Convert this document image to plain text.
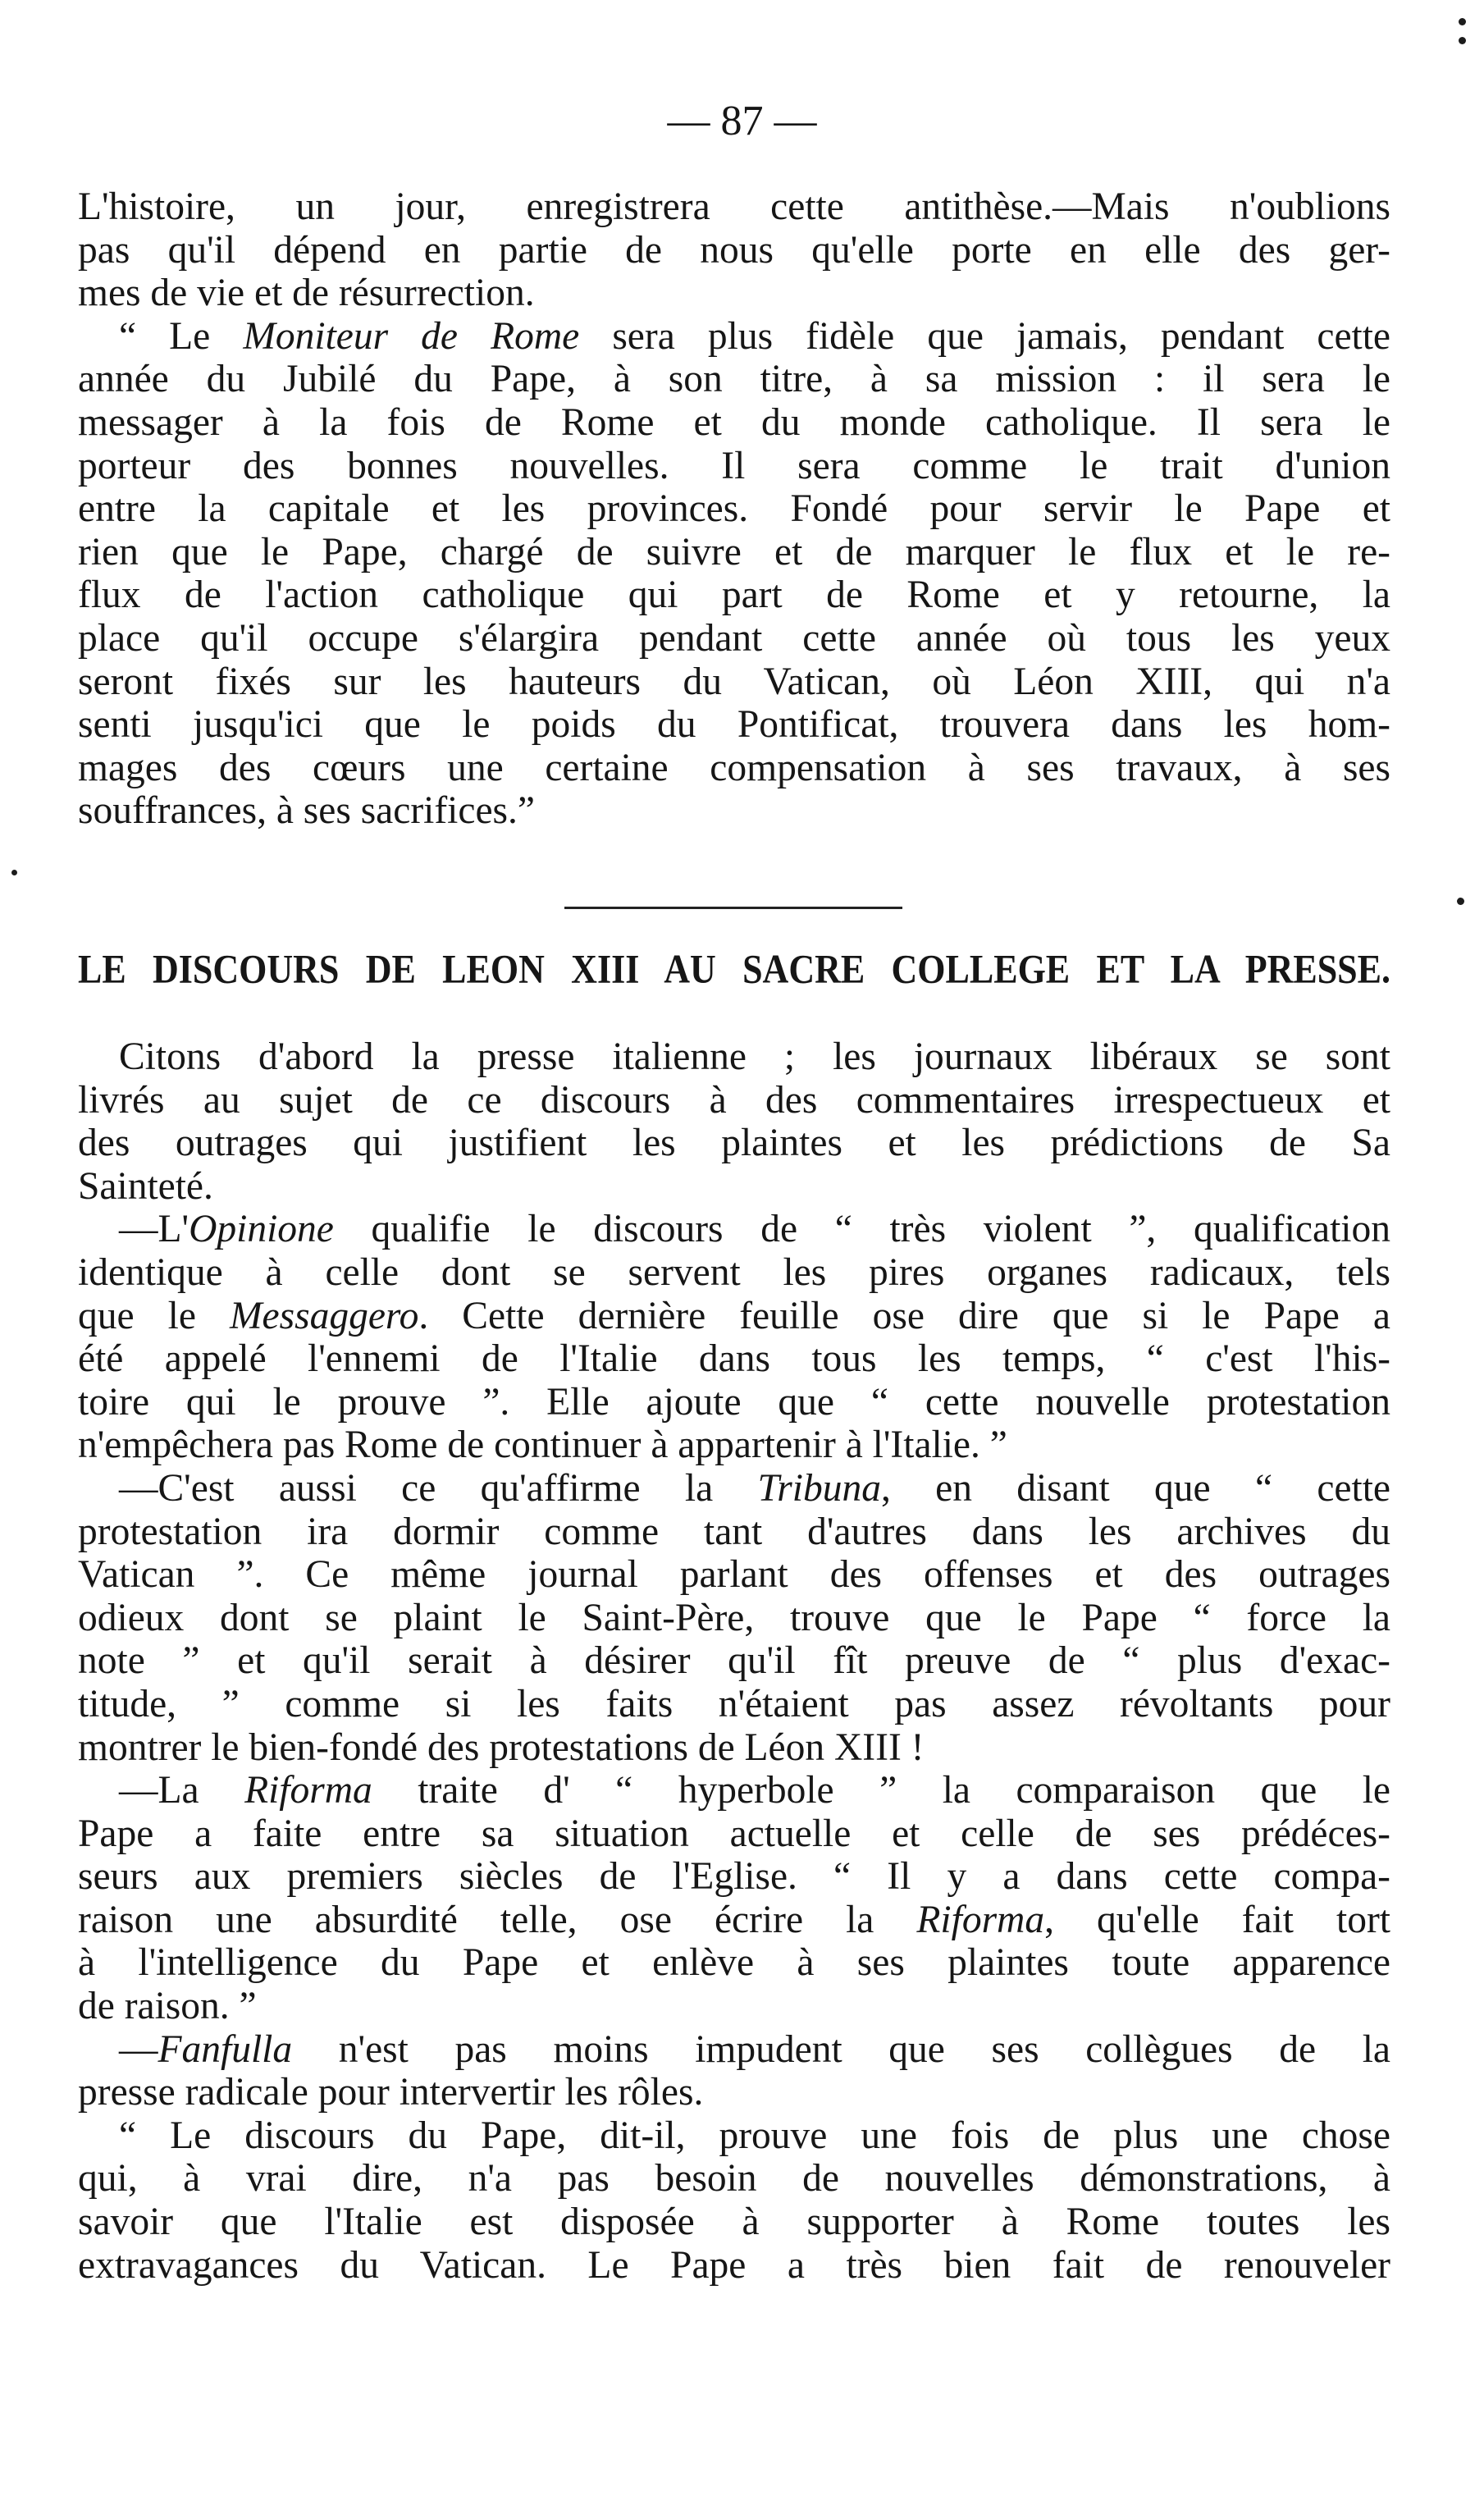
— 87 —
L'histoire, un jour, enregistrera cette antithèse.—Mais n'oublions
pas qu'il dépend en partie de nous qu'elle porte en elle des ger-
mes de vie et de résurrection.
“ Le Moniteur de Rome sera plus fidèle que jamais, pendant cette
année du Jubilé du Pape, à son titre, à sa mission : il sera le
messager à la fois de Rome et du monde catholique. Il sera le
porteur des bonnes nouvelles. Il sera comme le trait d'union
entre la capitale et les provinces. Fondé pour servir le Pape et
rien que le Pape, chargé de suivre et de marquer le flux et le re-
flux de l'action catholique qui part de Rome et y retourne, la
place qu'il occupe s'élargira pendant cette année où tous les yeux
seront fixés sur les hauteurs du Vatican, où Léon XIII, qui n'a
senti jusqu'ici que le poids du Pontificat, trouvera dans les hom-
mages des cœurs une certaine compensation à ses travaux, à ses
souffrances, à ses sacrifices.”
LE DISCOURS DE LEON XIII AU SACRE COLLEGE ET LA PRESSE.
Citons d'abord la presse italienne ; les journaux libéraux se sont
livrés au sujet de ce discours à des commentaires irrespectueux et
des outrages qui justifient les plaintes et les prédictions de Sa
Sainteté.
—L'Opinione qualifie le discours de “ très violent ”, qualification
identique à celle dont se servent les pires organes radicaux, tels
que le Messaggero. Cette dernière feuille ose dire que si le Pape a
été appelé l'ennemi de l'Italie dans tous les temps, “ c'est l'his-
toire qui le prouve ”. Elle ajoute que “ cette nouvelle protestation
n'empêchera pas Rome de continuer à appartenir à l'Italie. ”
—C'est aussi ce qu'affirme la Tribuna, en disant que “ cette
protestation ira dormir comme tant d'autres dans les archives du
Vatican ”. Ce même journal parlant des offenses et des outrages
odieux dont se plaint le Saint-Père, trouve que le Pape “ force la
note ” et qu'il serait à désirer qu'il fît preuve de “ plus d'exac-
titude, ” comme si les faits n'étaient pas assez révoltants pour
montrer le bien-fondé des protestations de Léon XIII !
—La Riforma traite d' “ hyperbole ” la comparaison que le
Pape a faite entre sa situation actuelle et celle de ses prédéces-
seurs aux premiers siècles de l'Eglise. “ Il y a dans cette compa-
raison une absurdité telle, ose écrire la Riforma, qu'elle fait tort
à l'intelligence du Pape et enlève à ses plaintes toute apparence
de raison. ”
—Fanfulla n'est pas moins impudent que ses collègues de la
presse radicale pour intervertir les rôles.
“ Le discours du Pape, dit-il, prouve une fois de plus une chose
qui, à vrai dire, n'a pas besoin de nouvelles démonstrations, à
savoir que l'Italie est disposée à supporter à Rome toutes les
extravagances du Vatican. Le Pape a très bien fait de renouveler
